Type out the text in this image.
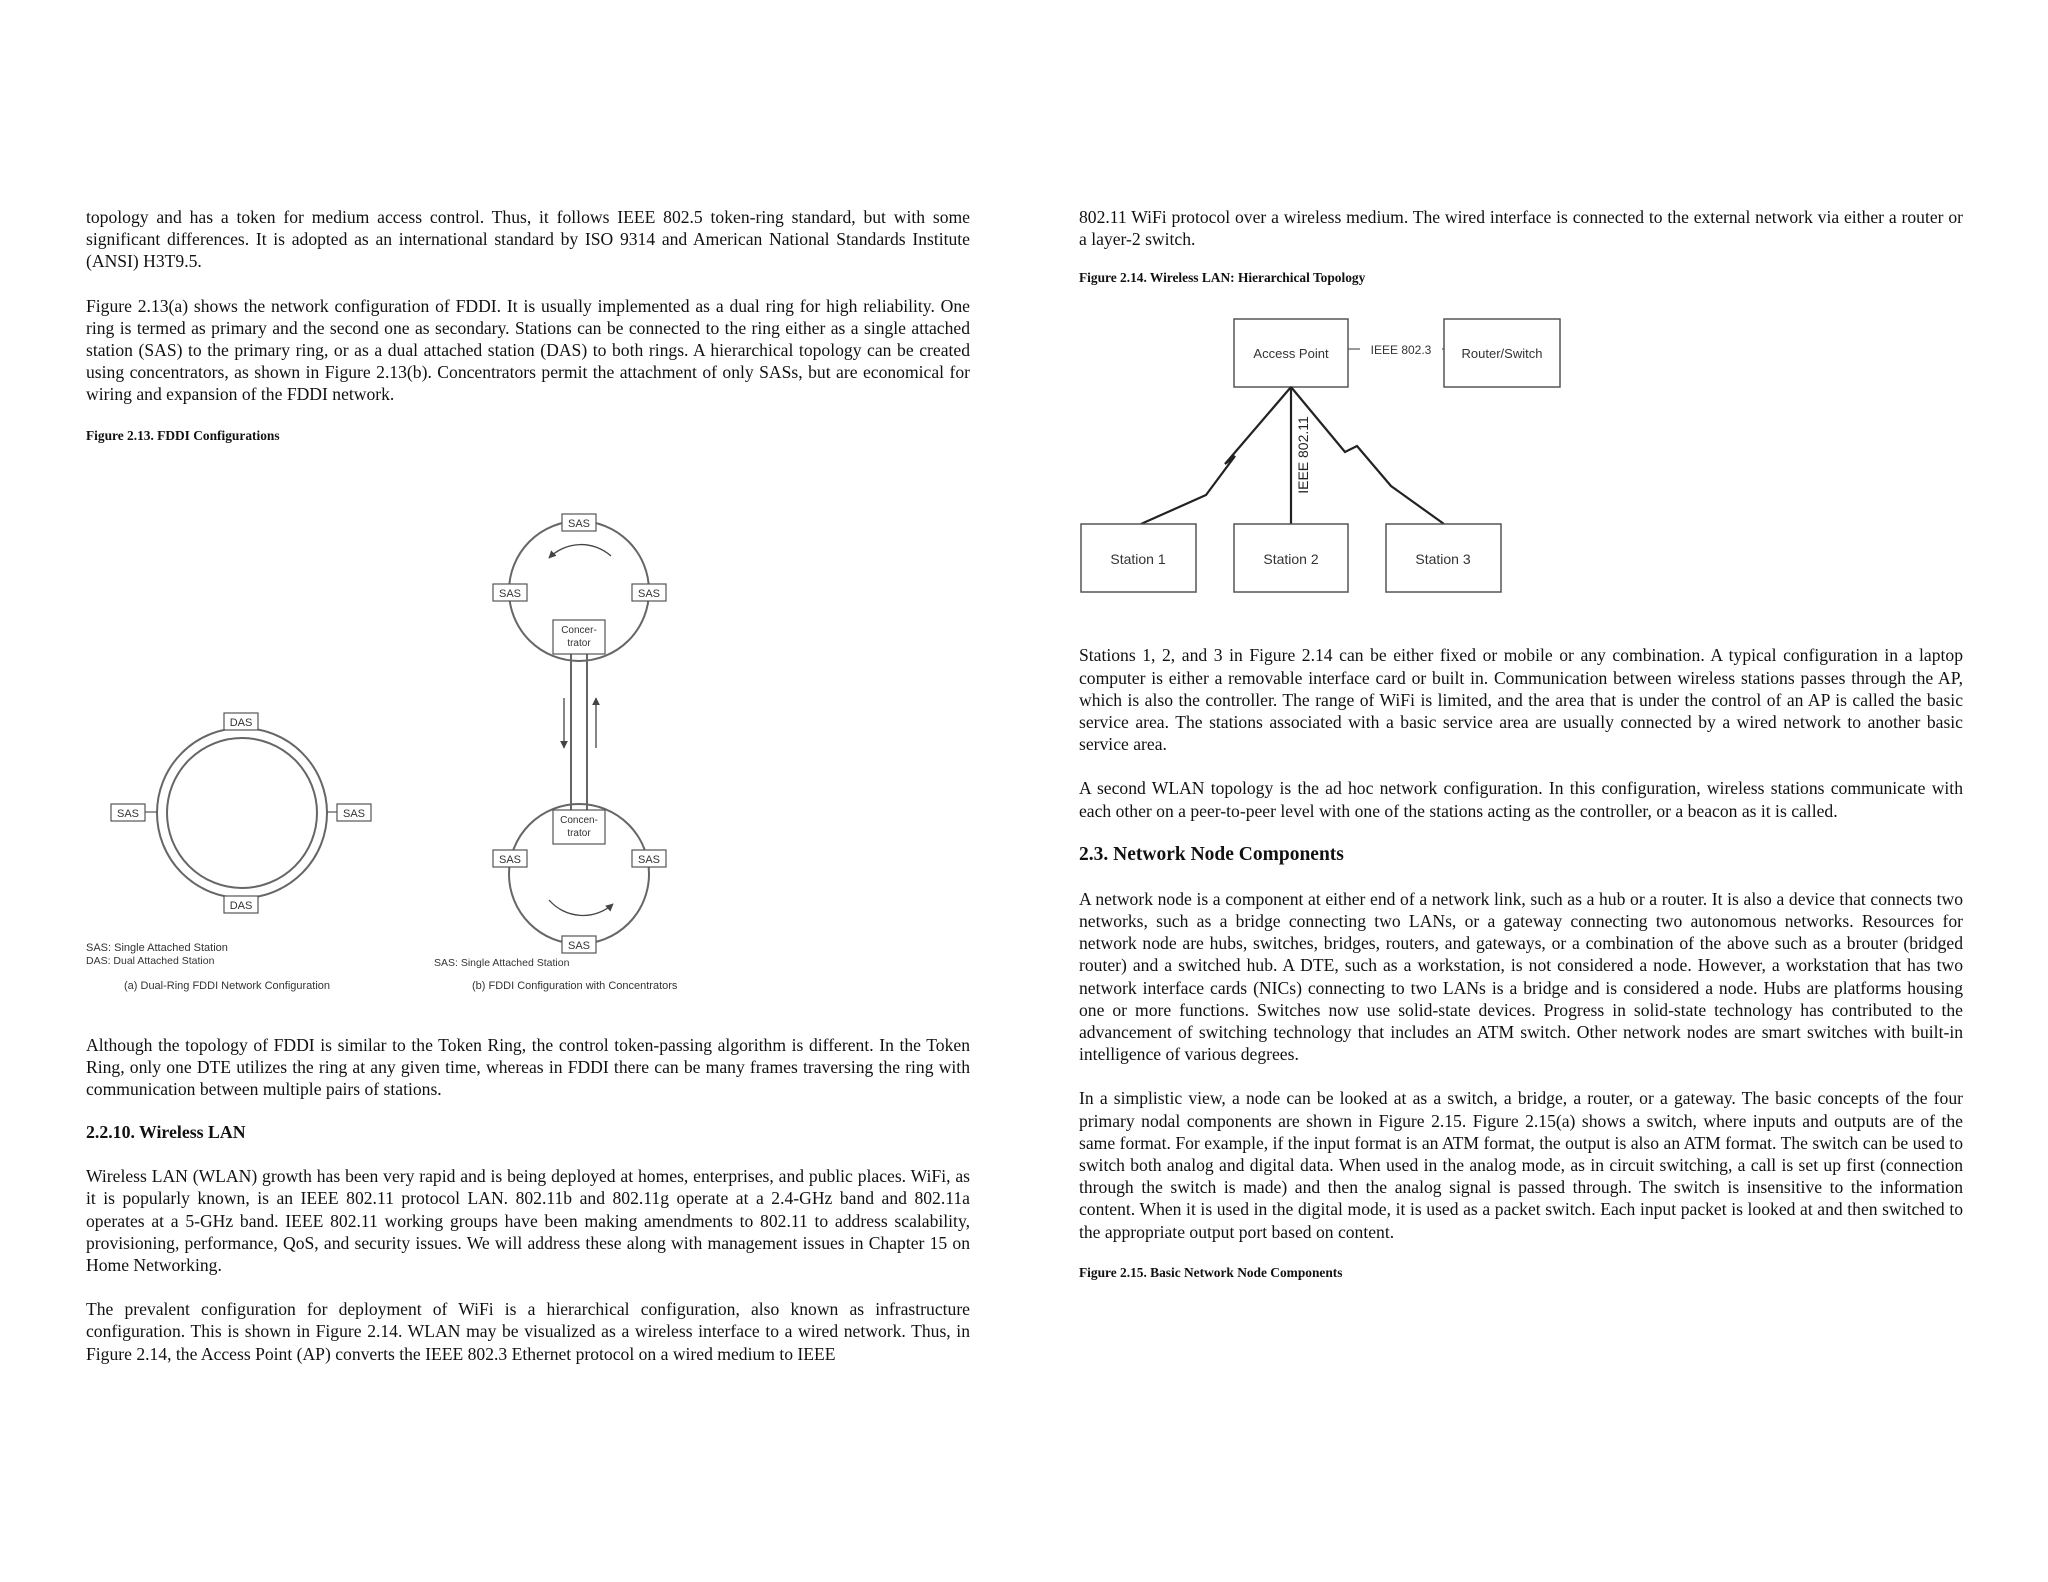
topology and has a token for medium access control. Thus, it follows IEEE 802.5 token-ring standard, but with some significant differences. It is adopted as an international standard by ISO 9314 and American National Standards Institute (ANSI) H3T9.5.

Figure 2.13(a) shows the network configuration of FDDI. It is usually implemented as a dual ring for high reliability. One ring is termed as primary and the second one as secondary. Stations can be connected to the ring either as a single attached station (SAS) to the primary ring, or as a dual attached station (DAS) to both rings. A hierarchical topology can be created using concentrators, as shown in Figure 2.13(b). Concentrators permit the attachment of only SASs, but are economical for wiring and expansion of the FDDI network.

Figure 2.13. FDDI Configurations

DAS
DAS
SAS	SAS
SAS: Single Attached Station
DAS: Dual Attached Station
(a) Dual-Ring FDDI Network Configuration
Concer-
trator
Concen-
trator
SAS
SAS	SAS
SAS	SAS
SAS
SAS: Single Attached Station
(b) FDDI Configuration with Concentrators

Although the topology of FDDI is similar to the Token Ring, the control token-passing algorithm is different. In the Token Ring, only one DTE utilizes the ring at any given time, whereas in FDDI there can be many frames traversing the ring with communication between multiple pairs of stations.

2.2.10. Wireless LAN

Wireless LAN (WLAN) growth has been very rapid and is being deployed at homes, enterprises, and public places. WiFi, as it is popularly known, is an IEEE 802.11 protocol LAN. 802.11b and 802.11g operate at a 2.4-GHz band and 802.11a operates at a 5-GHz band. IEEE 802.11 working groups have been making amendments to 802.11 to address scalability, provisioning, performance, QoS, and security issues. We will address these along with management issues in Chapter 15 on Home Networking.

The prevalent configuration for deployment of WiFi is a hierarchical configuration, also known as infrastructure configuration. This is shown in Figure 2.14. WLAN may be visualized as a wireless interface to a wired network. Thus, in Figure 2.14, the Access Point (AP) converts the IEEE 802.3 Ethernet protocol on a wired medium to IEEE

802.11 WiFi protocol over a wireless medium. The wired interface is connected to the external network via either a router or a layer-2 switch.

Figure 2.14. Wireless LAN: Hierarchical Topology

Access Point	IEEE 802.3 Router/Switch
IEEE 802.11
Station 1	Station 2	Station 3

Stations 1, 2, and 3 in Figure 2.14 can be either fixed or mobile or any combination. A typical configuration in a laptop computer is either a removable interface card or built in. Communication between wireless stations passes through the AP, which is also the controller. The range of WiFi is limited, and the area that is under the control of an AP is called the basic service area. The stations associated with a basic service area are usually connected by a wired network to another basic service area.

A second WLAN topology is the ad hoc network configuration. In this configuration, wireless stations communicate with each other on a peer-to-peer level with one of the stations acting as the controller, or a beacon as it is called.

2.3. Network Node Components

A network node is a component at either end of a network link, such as a hub or a router. It is also a device that connects two networks, such as a bridge connecting two LANs, or a gateway connecting two autonomous networks. Resources for network node are hubs, switches, bridges, routers, and gateways, or a combination of the above such as a brouter (bridged router) and a switched hub. A DTE, such as a workstation, is not considered a node. However, a workstation that has two network interface cards (NICs) connecting to two LANs is a bridge and is considered a node. Hubs are platforms housing one or more functions. Switches now use solid-state devices. Progress in solid-state technology has contributed to the advancement of switching technology that includes an ATM switch. Other network nodes are smart switches with built-in intelligence of various degrees.

In a simplistic view, a node can be looked at as a switch, a bridge, a router, or a gateway. The basic concepts of the four primary nodal components are shown in Figure 2.15. Figure 2.15(a) shows a switch, where inputs and outputs are of the same format. For example, if the input format is an ATM format, the output is also an ATM format. The switch can be used to switch both analog and digital data. When used in the analog mode, as in circuit switching, a call is set up first (connection through the switch is made) and then the analog signal is passed through. The switch is insensitive to the information content. When it is used in the digital mode, it is used as a packet switch. Each input packet is looked at and then switched to the appropriate output port based on content.

Figure 2.15. Basic Network Node Components
